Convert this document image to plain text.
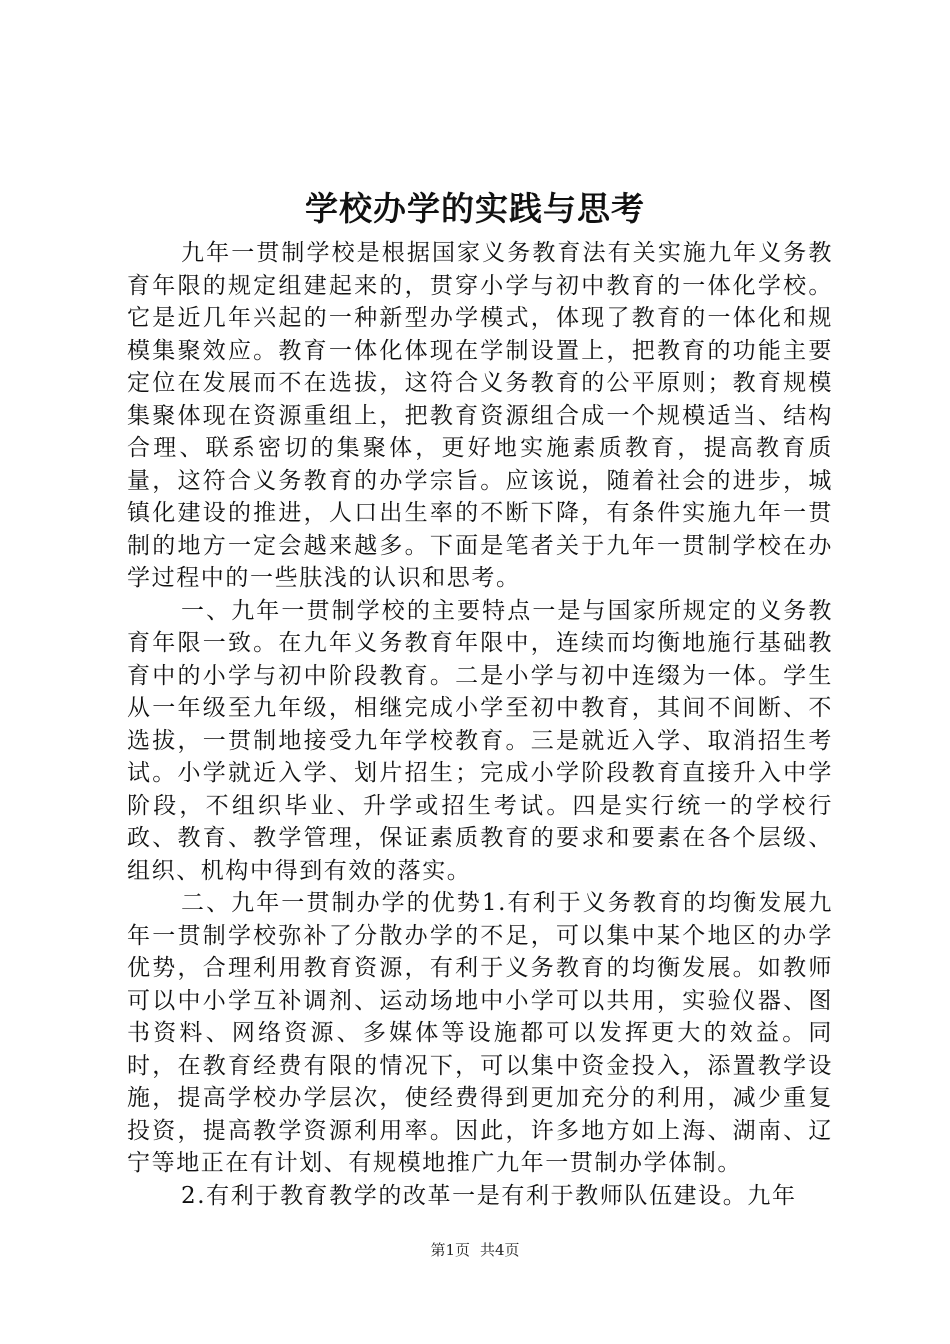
学校办学的实践与思考

九年一贯制学校是根据国家义务教育法有关实施九年义务教育年限的规定组建起来的，贯穿小学与初中教育的一体化学校。它是近几年兴起的一种新型办学模式，体现了教育的一体化和规模集聚效应。教育一体化体现在学制设置上，把教育的功能主要定位在发展而不在选拔，这符合义务教育的公平原则；教育规模集聚体现在资源重组上，把教育资源组合成一个规模适当、结构合理、联系密切的集聚体，更好地实施素质教育，提高教育质量，这符合义务教育的办学宗旨。应该说，随着社会的进步，城镇化建设的推进，人口出生率的不断下降，有条件实施九年一贯制的地方一定会越来越多。下面是笔者关于九年一贯制学校在办学过程中的一些肤浅的认识和思考。

一、九年一贯制学校的主要特点一是与国家所规定的义务教育年限一致。在九年义务教育年限中，连续而均衡地施行基础教育中的小学与初中阶段教育。二是小学与初中连缀为一体。学生从一年级至九年级，相继完成小学至初中教育，其间不间断、不选拔，一贯制地接受九年学校教育。三是就近入学、取消招生考试。小学就近入学、划片招生；完成小学阶段教育直接升入中学阶段，不组织毕业、升学或招生考试。四是实行统一的学校行政、教育、教学管理，保证素质教育的要求和要素在各个层级、组织、机构中得到有效的落实。

二、九年一贯制办学的优势1.有利于义务教育的均衡发展九年一贯制学校弥补了分散办学的不足，可以集中某个地区的办学优势，合理利用教育资源，有利于义务教育的均衡发展。如教师可以中小学互补调剂、运动场地中小学可以共用，实验仪器、图书资料、网络资源、多媒体等设施都可以发挥更大的效益。同时，在教育经费有限的情况下，可以集中资金投入，添置教学设施，提高学校办学层次，使经费得到更加充分的利用，减少重复投资，提高教学资源利用率。因此，许多地方如上海、湖南、辽宁等地正在有计划、有规模地推广九年一贯制办学体制。

2.有利于教育教学的改革一是有利于教师队伍建设。九年

第1页 共4页
